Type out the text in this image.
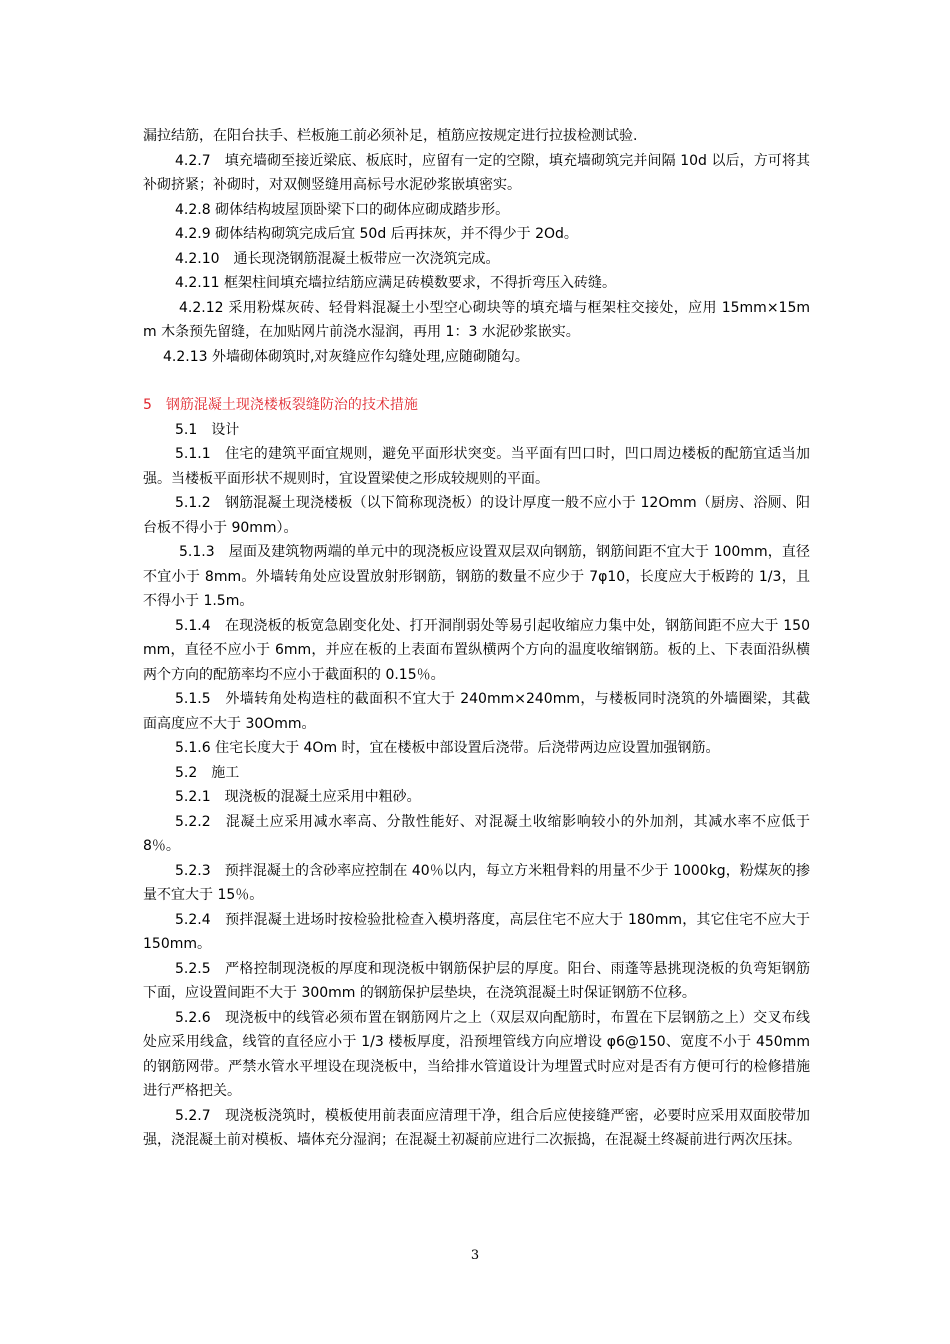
漏拉结筋，在阳台扶手、栏板施工前必须补足，植筋应按规定进行拉拔检测试验.

4.2.7　填充墙砌至接近梁底、板底时，应留有一定的空隙，填充墙砌筑完并间隔 10d 以后，方可将其补砌挤紧；补砌时，对双侧竖缝用高标号水泥砂浆嵌填密实。

4.2.8 砌体结构坡屋顶卧梁下口的砌体应砌成踏步形。

4.2.9 砌体结构砌筑完成后宜 50d 后再抹灰，并不得少于 2Od。

4.2.10　通长现浇钢筋混凝土板带应一次浇筑完成。

4.2.11 框架柱间填充墙拉结筋应满足砖模数要求，不得折弯压入砖缝。

4.2.12 采用粉煤灰砖、轻骨料混凝土小型空心砌块等的填充墙与框架柱交接处，应用 15mm×15mm 木条预先留缝，在加贴网片前浇水湿润，再用 1：3 水泥砂浆嵌实。

4.2.13 外墙砌体砌筑时,对灰缝应作勾缝处理,应随砌随勾。

5　钢筋混凝土现浇楼板裂缝防治的技术措施

5.1　设计

5.1.1　住宅的建筑平面宜规则，避免平面形状突变。当平面有凹口时，凹口周边楼板的配筋宜适当加强。当楼板平面形状不规则时，宜设置梁使之形成较规则的平面。

5.1.2　钢筋混凝土现浇楼板（以下简称现浇板）的设计厚度一般不应小于 12Omm（厨房、浴厕、阳台板不得小于 90mm）。

5.1.3　屋面及建筑物两端的单元中的现浇板应设置双层双向钢筋，钢筋间距不宜大于 100mm，直径不宜小于 8mm。外墙转角处应设置放射形钢筋，钢筋的数量不应少于 7φ10，长度应大于板跨的 1/3，且不得小于 1.5m。

5.1.4　在现浇板的板宽急剧变化处、打开洞削弱处等易引起收缩应力集中处，钢筋间距不应大于 150mm，直径不应小于 6mm，并应在板的上表面布置纵横两个方向的温度收缩钢筋。板的上、下表面沿纵横两个方向的配筋率均不应小于截面积的 0.15％。

5.1.5　外墙转角处构造柱的截面积不宜大于 240mm×240mm，与楼板同时浇筑的外墙圈梁，其截面高度应不大于 30Omm。

5.1.6 住宅长度大于 4Om 时，宜在楼板中部设置后浇带。后浇带两边应设置加强钢筋。

5.2　施工

5.2.1　现浇板的混凝土应采用中粗砂。

5.2.2　混凝土应采用减水率高、分散性能好、对混凝土收缩影响较小的外加剂，其减水率不应低于 8％。

5.2.3　预拌混凝土的含砂率应控制在 40％以内，每立方米粗骨料的用量不少于 1000kg，粉煤灰的掺量不宜大于 15％。

5.2.4　预拌混凝土进场时按检验批检查入模坍落度，高层住宅不应大于 180mm，其它住宅不应大于 150mm。

5.2.5　严格控制现浇板的厚度和现浇板中钢筋保护层的厚度。阳台、雨蓬等悬挑现浇板的负弯矩钢筋下面，应设置间距不大于 300mm 的钢筋保护层垫块，在浇筑混凝土时保证钢筋不位移。

5.2.6　现浇板中的线管必须布置在钢筋网片之上（双层双向配筋时，布置在下层钢筋之上）交叉布线处应采用线盒，线管的直径应小于 1/3 楼板厚度，沿预埋管线方向应增设 φ6@150、宽度不小于 450mm 的钢筋网带。严禁水管水平埋设在现浇板中，当给排水管道设计为埋置式时应对是否有方便可行的检修措施进行严格把关。

5.2.7　现浇板浇筑时，模板使用前表面应清理干净，组合后应使接缝严密，必要时应采用双面胶带加强，浇混凝土前对模板、墙体充分湿润；在混凝土初凝前应进行二次振捣，在混凝土终凝前进行两次压抹。

3
